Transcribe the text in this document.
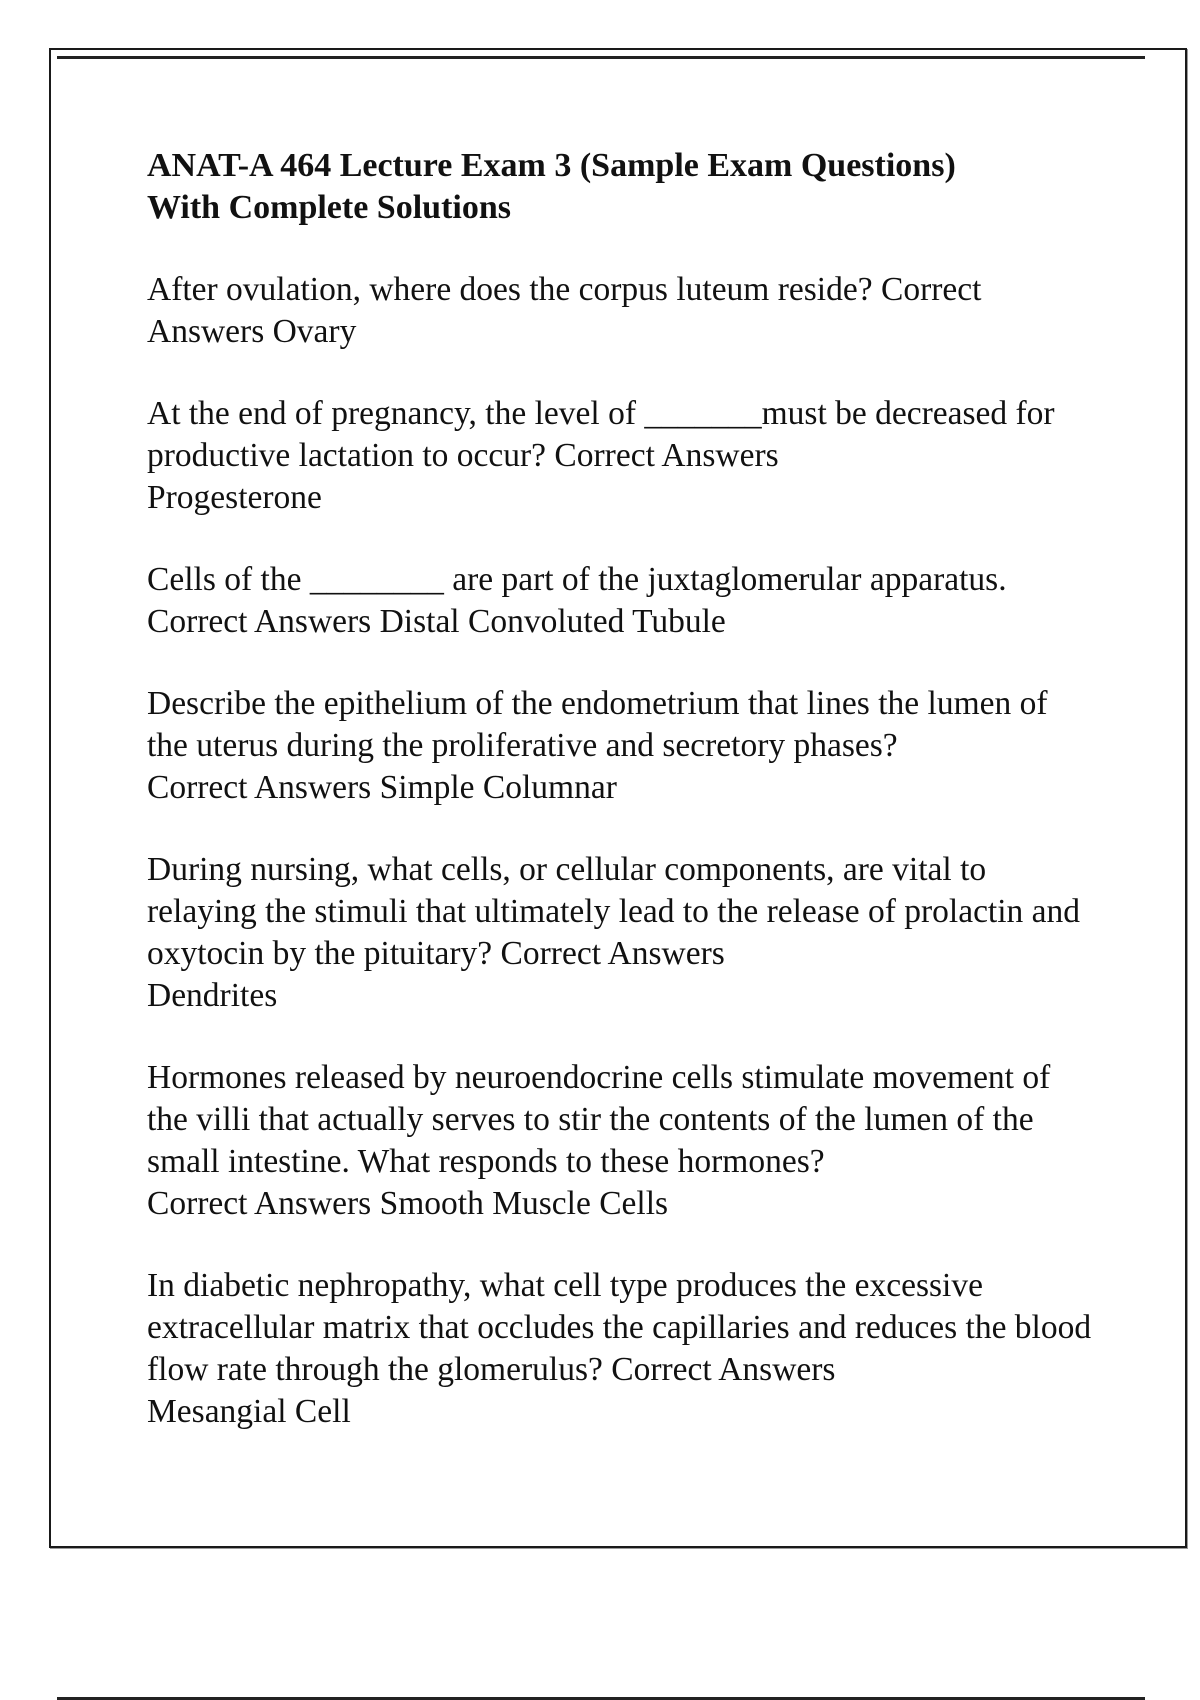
ANAT-A 464 Lecture Exam 3 (Sample Exam Questions)
With Complete Solutions

After ovulation, where does the corpus luteum reside? Correct Answers Ovary

At the end of pregnancy, the level of _______must be decreased for productive lactation to occur? Correct Answers
Progesterone

Cells of the ________ are part of the juxtaglomerular apparatus.
Correct Answers Distal Convoluted Tubule

Describe the epithelium of the endometrium that lines the lumen of the uterus during the proliferative and secretory phases?
Correct Answers Simple Columnar

During nursing, what cells, or cellular components, are vital to relaying the stimuli that ultimately lead to the release of prolactin and oxytocin by the pituitary? Correct Answers
Dendrites

Hormones released by neuroendocrine cells stimulate movement of the villi that actually serves to stir the contents of the lumen of the small intestine. What responds to these hormones?
Correct Answers Smooth Muscle Cells

In diabetic nephropathy, what cell type produces the excessive extracellular matrix that occludes the capillaries and reduces the blood flow rate through the glomerulus? Correct Answers
Mesangial Cell
